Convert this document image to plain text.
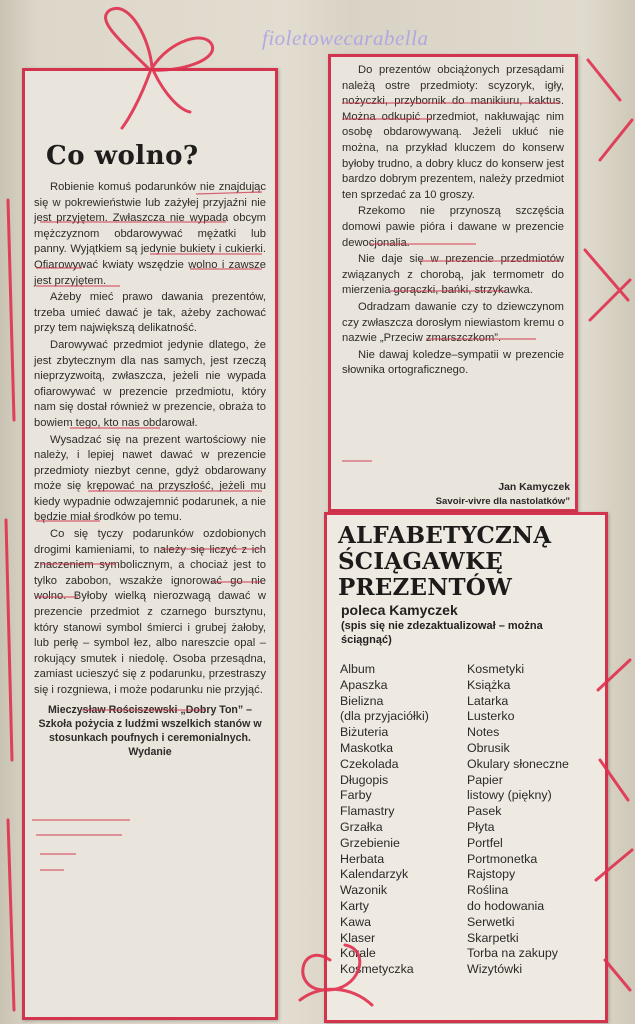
fioletowecarabella
Co wolno?

Robienie komuś podarunków nie znajdując się w pokrewieństwie lub zażyłej przyjaźni nie jest przyjętem. Zwłaszcza nie wypada obcym mężczyznom obdarowywać mężatki lub panny. Wyjątkiem są jedynie bukiety i cukierki. Ofiarowywać kwiaty wszędzie wolno i zawsze jest przyjętem.

Ażeby mieć prawo dawania prezentów, trzeba umieć dawać je tak, ażeby zachować przy tem największą delikatność.

Darowywać przedmiot jedynie dlatego, że jest zbytecznym dla nas samych, jest rzeczą nieprzyzwoitą, zwłaszcza, jeżeli nie wypada ofiarowywać w prezencie przedmiotu, który nam się dostał również w prezencie, obraża to bowiem tego, kto nas obdarował.

Wysadzać się na prezent wartościowy nie należy, i lepiej nawet dawać w prezencie przedmioty niezbyt cenne, gdyż obdarowany może się krępować na przyszłość, jeżeli mu kiedy wypadnie odwzajemnić podarunek, a nie będzie miał środków po temu.

Co się tyczy podarunków ozdobionych drogimi kamieniami, to należy się liczyć z ich znaczeniem symbolicznym, a chociaż jest to tylko zabobon, wszakże ignorować go nie wolno. Byłoby wielką nierozwagą dawać w prezencie przedmiot z czarnego bursztynu, który stanowi symbol śmierci i grubej żałoby, lub perłę – symbol łez, albo nareszcie opal – rokujący smutek i niedolę. Osoba przesądna, zamiast ucieszyć się z podarunku, przestraszy się i rozgniewa, i może podarunku nie przyjąć.

Mieczysław Rościszewski „Dobry Ton” – Szkoła pożycia z ludźmi wszelkich stanów w stosunkach poufnych i ceremonialnych. Wydanie

Do prezentów obciążonych przesądami należą ostre przedmioty: scyzoryk, igły, nożyczki, przybornik do manikiuru, kaktus. Można odkupić przedmiot, nakłuwając nim osobę obdarowywaną. Jeżeli ukłuć nie można, na przykład kluczem do konserw byłoby trudno, a dobry klucz do konserw jest bardzo dobrym prezentem, należy przedmiot ten sprzedać za 10 groszy.

Rzekomo nie przynoszą szczęścia domowi pawie pióra i dawane w prezencie dewocjonalia.

Nie daje się w prezencie przedmiotów związanych z chorobą, jak termometr do mierzenia gorączki, bańki, strzykawka.

Odradzam dawanie czy to dziewczynom czy zwłaszcza dorosłym niewiastom kremu o nazwie „Przeciw zmarszczkom”.

Nie dawaj koledze–sympatii w prezencie słownika ortograficznego.

Jan Kamyczek
Savoir-vivre dla nastolatków”
ALFABETYCZNĄ
ŚCIĄGAWKĘ
PREZENTÓW
poleca Kamyczek
(spis się nie zdezaktualizował – można ściągnąć)
Album
Apaszka
Bielizna
(dla przyjaciółki)
Biżuteria
Maskotka
Czekolada
Długopis
Farby
Flamastry
Grzałka
Grzebienie
Herbata
Kalendarzyk
Wazonik
Karty
Kawa
Klaser
Korale
Kosmetyczka
Kosmetyki
Książka
Latarka
Lusterko
Notes
Obrusik
Okulary słoneczne
Papier
listowy (piękny)
Pasek
Płyta
Portfel
Portmonetka
Rajstopy
Roślina
do hodowania
Serwetki
Skarpetki
Torba na zakupy
Wizytówki
